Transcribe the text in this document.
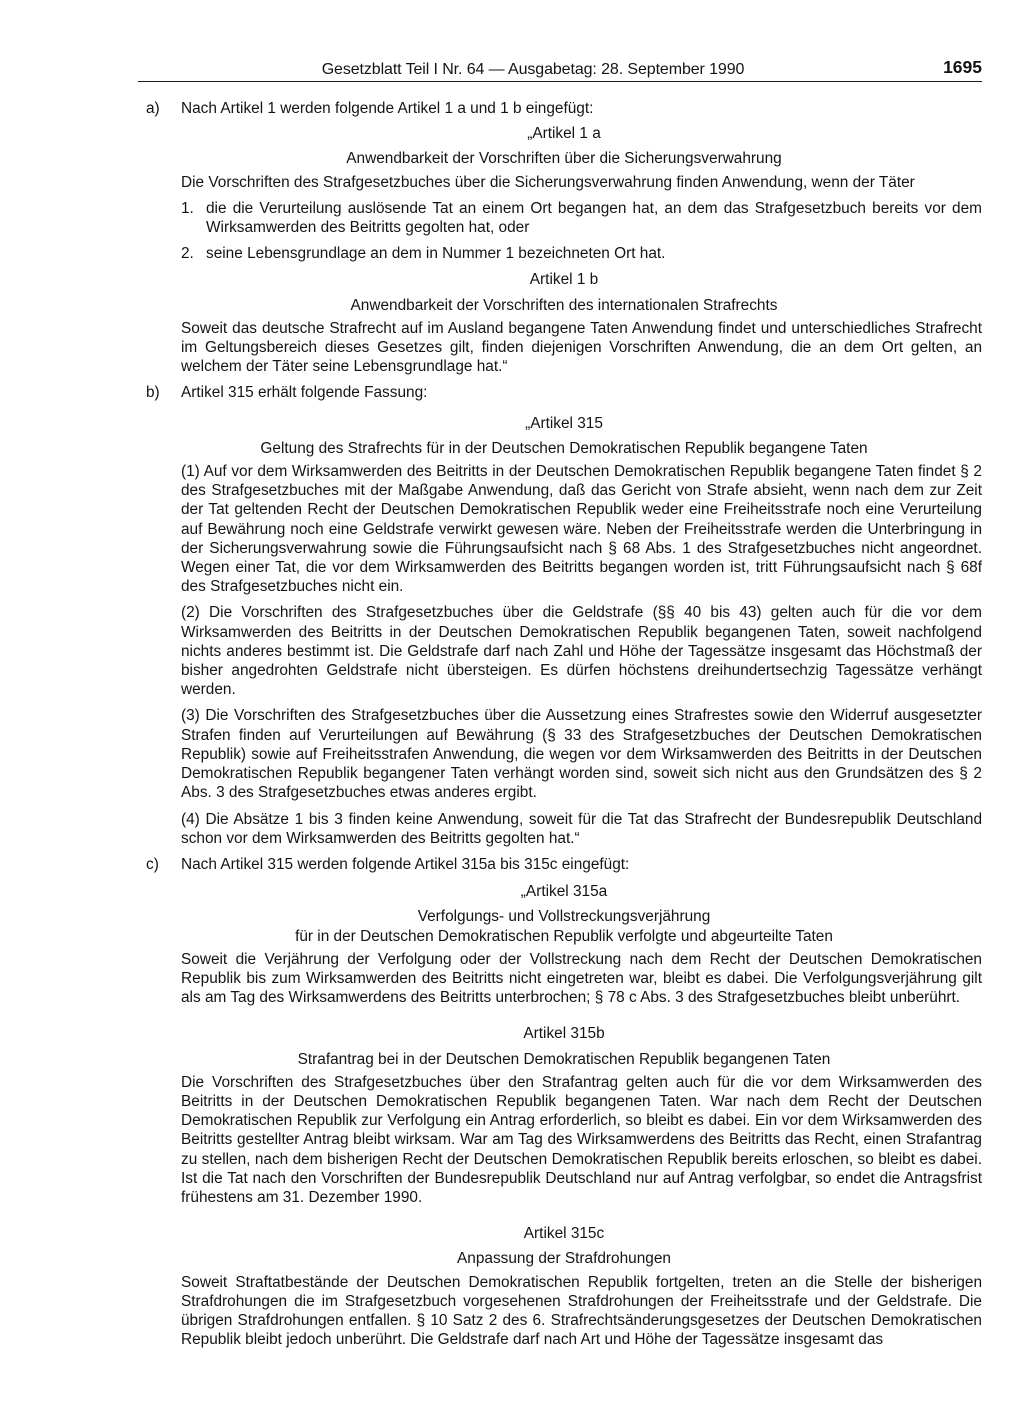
Gesetzblatt Teil I Nr. 64 — Ausgabetag: 28. September 1990	1695
a) Nach Artikel 1 werden folgende Artikel 1 a und 1 b eingefügt:
„Artikel 1 a
Anwendbarkeit der Vorschriften über die Sicherungsverwahrung

Die Vorschriften des Strafgesetzbuches über die Sicherungsverwahrung finden Anwendung, wenn der Täter

1. die die Verurteilung auslösende Tat an einem Ort begangen hat, an dem das Strafgesetzbuch bereits vor dem Wirksamwerden des Beitritts gegolten hat, oder
2. seine Lebensgrundlage an dem in Nummer 1 bezeichneten Ort hat.
Artikel 1 b
Anwendbarkeit der Vorschriften des internationalen Strafrechts

Soweit das deutsche Strafrecht auf im Ausland begangene Taten Anwendung findet und unterschiedliches Strafrecht im Geltungsbereich dieses Gesetzes gilt, finden diejenigen Vorschriften Anwendung, die an dem Ort gelten, an welchem der Täter seine Lebensgrundlage hat.“

b) Artikel 315 erhält folgende Fassung:
„Artikel 315
Geltung des Strafrechts für in der Deutschen Demokratischen Republik begangene Taten

(1) Auf vor dem Wirksamwerden des Beitritts in der Deutschen Demokratischen Republik begangene Taten findet § 2 des Strafgesetzbuches mit der Maßgabe Anwendung, daß das Gericht von Strafe absieht, wenn nach dem zur Zeit der Tat geltenden Recht der Deutschen Demokratischen Republik weder eine Freiheitsstrafe noch eine Verurteilung auf Bewährung noch eine Geldstrafe verwirkt gewesen wäre. Neben der Freiheitsstrafe werden die Unterbringung in der Sicherungsverwahrung sowie die Führungsaufsicht nach § 68 Abs. 1 des Strafgesetzbuches nicht angeordnet. Wegen einer Tat, die vor dem Wirksamwerden des Beitritts begangen worden ist, tritt Führungsaufsicht nach § 68f des Strafgesetzbuches nicht ein.

(2) Die Vorschriften des Strafgesetzbuches über die Geldstrafe (§§ 40 bis 43) gelten auch für die vor dem Wirksamwerden des Beitritts in der Deutschen Demokratischen Republik begangenen Taten, soweit nachfolgend nichts anderes bestimmt ist. Die Geldstrafe darf nach Zahl und Höhe der Tagessätze insgesamt das Höchstmaß der bisher angedrohten Geldstrafe nicht übersteigen. Es dürfen höchstens dreihundertsechzig Tagessätze verhängt werden.

(3) Die Vorschriften des Strafgesetzbuches über die Aussetzung eines Strafrestes sowie den Widerruf ausgesetzter Strafen finden auf Verurteilungen auf Bewährung (§ 33 des Strafgesetzbuches der Deutschen Demokratischen Republik) sowie auf Freiheitsstrafen Anwendung, die wegen vor dem Wirksamwerden des Beitritts in der Deutschen Demokratischen Republik begangener Taten verhängt worden sind, soweit sich nicht aus den Grundsätzen des § 2 Abs. 3 des Strafgesetzbuches etwas anderes ergibt.

(4) Die Absätze 1 bis 3 finden keine Anwendung, soweit für die Tat das Strafrecht der Bundesrepublik Deutschland schon vor dem Wirksamwerden des Beitritts gegolten hat.“

c) Nach Artikel 315 werden folgende Artikel 315a bis 315c eingefügt:
„Artikel 315a
Verfolgungs- und Vollstreckungsverjährung
für in der Deutschen Demokratischen Republik verfolgte und abgeurteilte Taten

Soweit die Verjährung der Verfolgung oder der Vollstreckung nach dem Recht der Deutschen Demokratischen Republik bis zum Wirksamwerden des Beitritts nicht eingetreten war, bleibt es dabei. Die Verfolgungsverjährung gilt als am Tag des Wirksamwerdens des Beitritts unterbrochen; § 78 c Abs. 3 des Strafgesetzbuches bleibt unberührt.

Artikel 315b
Strafantrag bei in der Deutschen Demokratischen Republik begangenen Taten

Die Vorschriften des Strafgesetzbuches über den Strafantrag gelten auch für die vor dem Wirksamwerden des Beitritts in der Deutschen Demokratischen Republik begangenen Taten. War nach dem Recht der Deutschen Demokratischen Republik zur Verfolgung ein Antrag erforderlich, so bleibt es dabei. Ein vor dem Wirksamwerden des Beitritts gestellter Antrag bleibt wirksam. War am Tag des Wirksamwerdens des Beitritts das Recht, einen Strafantrag zu stellen, nach dem bisherigen Recht der Deutschen Demokratischen Republik bereits erloschen, so bleibt es dabei. Ist die Tat nach den Vorschriften der Bundesrepublik Deutschland nur auf Antrag verfolgbar, so endet die Antragsfrist frühestens am 31. Dezember 1990.

Artikel 315c
Anpassung der Strafdrohungen

Soweit Straftatbestände der Deutschen Demokratischen Republik fortgelten, treten an die Stelle der bisherigen Strafdrohungen die im Strafgesetzbuch vorgesehenen Strafdrohungen der Freiheitsstrafe und der Geldstrafe. Die übrigen Strafdrohungen entfallen. § 10 Satz 2 des 6. Strafrechtsänderungsgesetzes der Deutschen Demokratischen Republik bleibt jedoch unberührt. Die Geldstrafe darf nach Art und Höhe der Tagessätze insgesamt das
